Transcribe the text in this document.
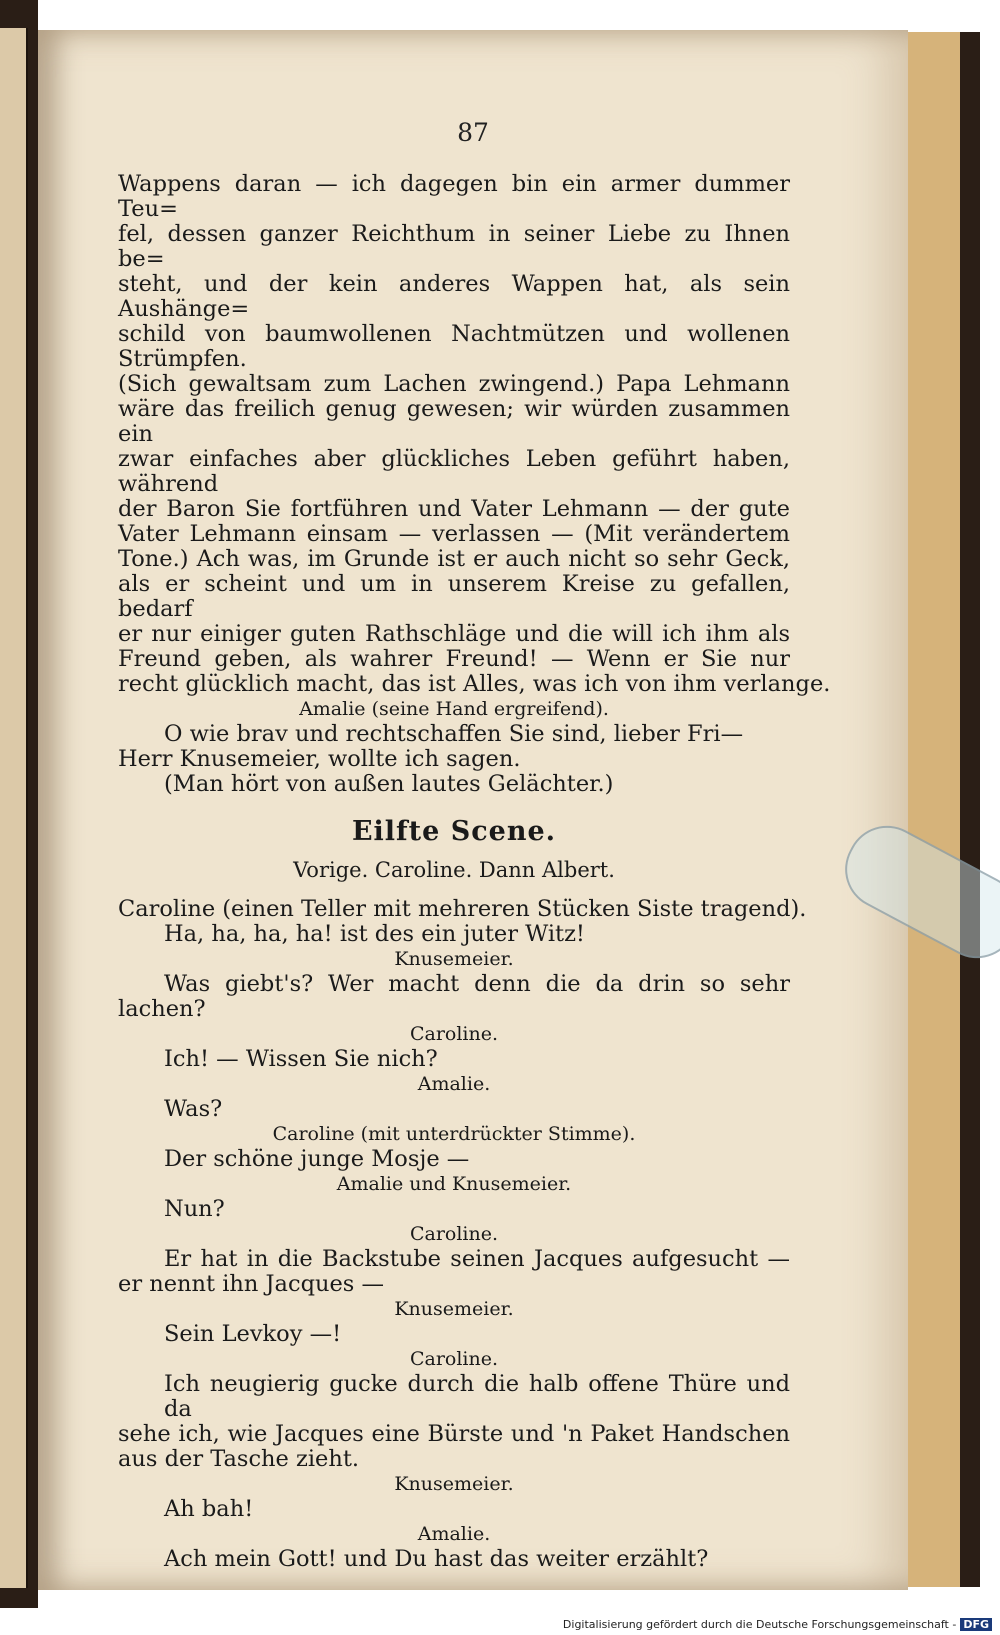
87
Wappens daran — ich dagegen bin ein armer dummer Teu=
fel, dessen ganzer Reichthum in seiner Liebe zu Ihnen be=
steht, und der kein anderes Wappen hat, als sein Aushänge=
schild von baumwollenen Nachtmützen und wollenen Strümpfen.
(Sich gewaltsam zum Lachen zwingend.) Papa Lehmann
wäre das freilich genug gewesen; wir würden zusammen ein
zwar einfaches aber glückliches Leben geführt haben, während
der Baron Sie fortführen und Vater Lehmann — der gute
Vater Lehmann einsam — verlassen — (Mit verändertem
Tone.) Ach was, im Grunde ist er auch nicht so sehr Geck,
als er scheint und um in unserem Kreise zu gefallen, bedarf
er nur einiger guten Rathschläge und die will ich ihm als
Freund geben, als wahrer Freund! — Wenn er Sie nur
recht glücklich macht, das ist Alles, was ich von ihm verlange.
Amalie (seine Hand ergreifend).
O wie brav und rechtschaffen Sie sind, lieber Fri—
Herr Knusemeier, wollte ich sagen.
(Man hört von außen lautes Gelächter.)
Eilfte Scene.
Vorige. Caroline. Dann Albert.
Caroline (einen Teller mit mehreren Stücken Siste tragend).
Ha, ha, ha, ha! ist des ein juter Witz!
Knusemeier.
Was giebt's? Wer macht denn die da drin so sehr
lachen?
Caroline.
Ich! — Wissen Sie nich?
Amalie.
Was?
Caroline (mit unterdrückter Stimme).
Der schöne junge Mosje —
Amalie und Knusemeier.
Nun?
Caroline.
Er hat in die Backstube seinen Jacques aufgesucht —
er nennt ihn Jacques —
Knusemeier.
Sein Levkoy —!
Caroline.
Ich neugierig gucke durch die halb offene Thüre und da
sehe ich, wie Jacques eine Bürste und 'n Paket Handschen
aus der Tasche zieht.
Knusemeier.
Ah bah!
Amalie.
Ach mein Gott! und Du hast das weiter erzählt?
Digitalisierung gefördert durch die Deutsche Forschungsgemeinschaft - DFG
